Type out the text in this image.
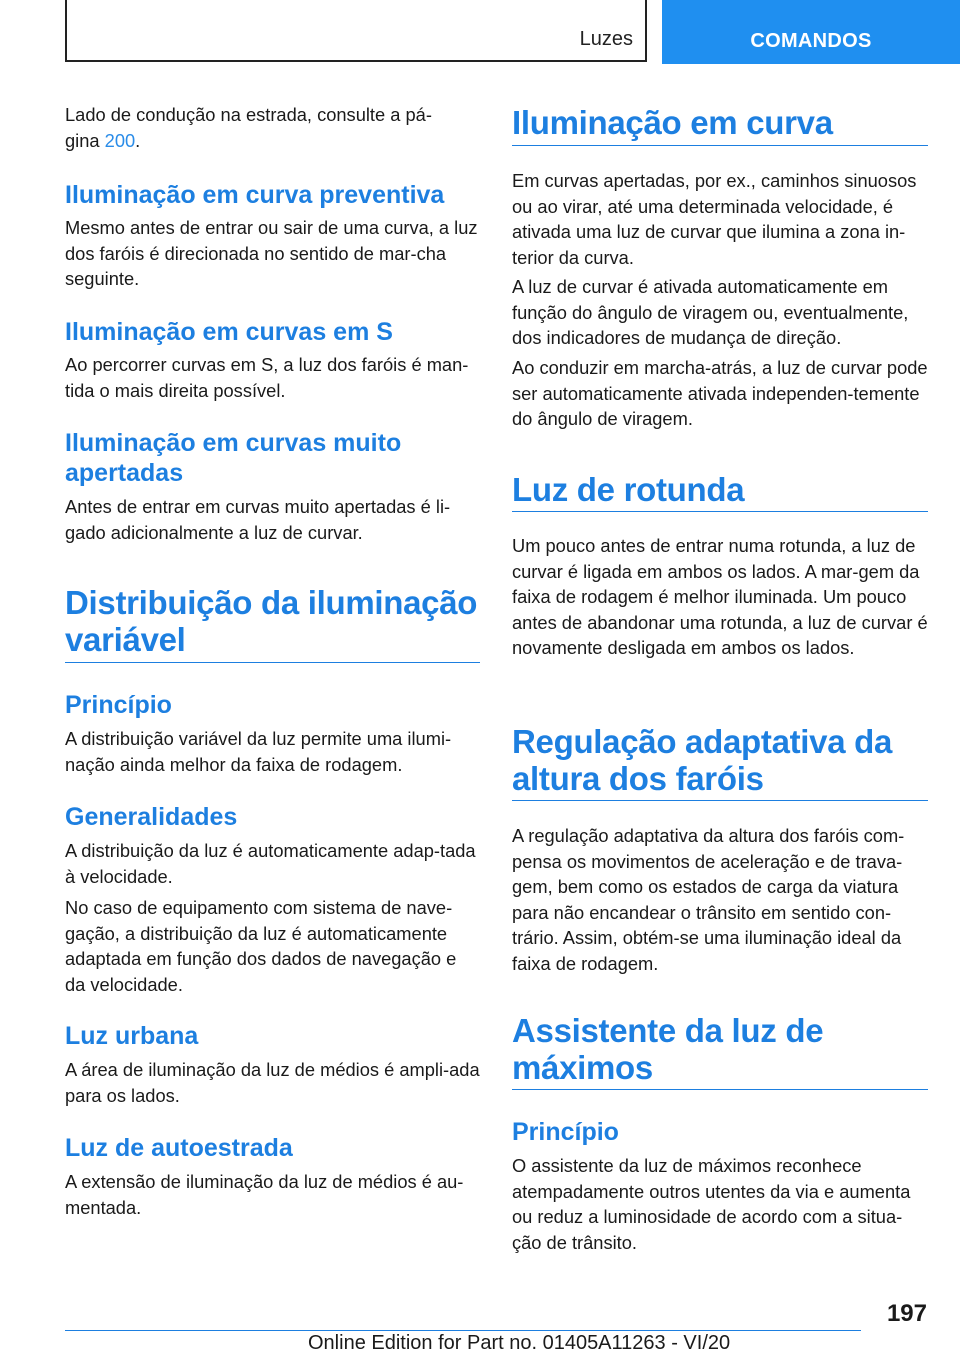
Luzes	COMANDOS

Lado de condução na estrada, consulte a pá-
gina 200.

Iluminação em curva preventiva

Mesmo antes de entrar ou sair de uma curva, a luz dos faróis é direcionada no sentido de mar-cha seguinte.

Iluminação em curvas em S

Ao percorrer curvas em S, a luz dos faróis é man-tida o mais direita possível.

Iluminação em curvas muito apertadas

Antes de entrar em curvas muito apertadas é li-gado adicionalmente a luz de curvar.

Distribuição da iluminação variável
Princípio

A distribuição variável da luz permite uma ilumi-nação ainda melhor da faixa de rodagem.

Generalidades

A distribuição da luz é automaticamente adap-tada à velocidade.

No caso de equipamento com sistema de nave-gação, a distribuição da luz é automaticamente adaptada em função dos dados de navegação e da velocidade.

Luz urbana

A área de iluminação da luz de médios é ampli-ada para os lados.

Luz de autoestrada

A extensão de iluminação da luz de médios é au-mentada.

Iluminação em curva

Em curvas apertadas, por ex., caminhos sinuosos ou ao virar, até uma determinada velocidade, é ativada uma luz de curvar que ilumina a zona in-terior da curva.

A luz de curvar é ativada automaticamente em função do ângulo de viragem ou, eventualmente, dos indicadores de mudança de direção.

Ao conduzir em marcha-atrás, a luz de curvar pode ser automaticamente ativada independen-temente do ângulo de viragem.

Luz de rotunda

Um pouco antes de entrar numa rotunda, a luz de curvar é ligada em ambos os lados. A mar-gem da faixa de rodagem é melhor iluminada. Um pouco antes de abandonar uma rotunda, a luz de curvar é novamente desligada em ambos os lados.

Regulação adaptativa da altura dos faróis

A regulação adaptativa da altura dos faróis com-pensa os movimentos de aceleração e de trava-gem, bem como os estados de carga da viatura para não encandear o trânsito em sentido con-trário. Assim, obtém-se uma iluminação ideal da faixa de rodagem.

Assistente da luz de máximos
Princípio

O assistente da luz de máximos reconhece atempadamente outros utentes da via e aumenta ou reduz a luminosidade de acordo com a situa-ção de trânsito.

197
Online Edition for Part no. 01405A11263 - VI/20
